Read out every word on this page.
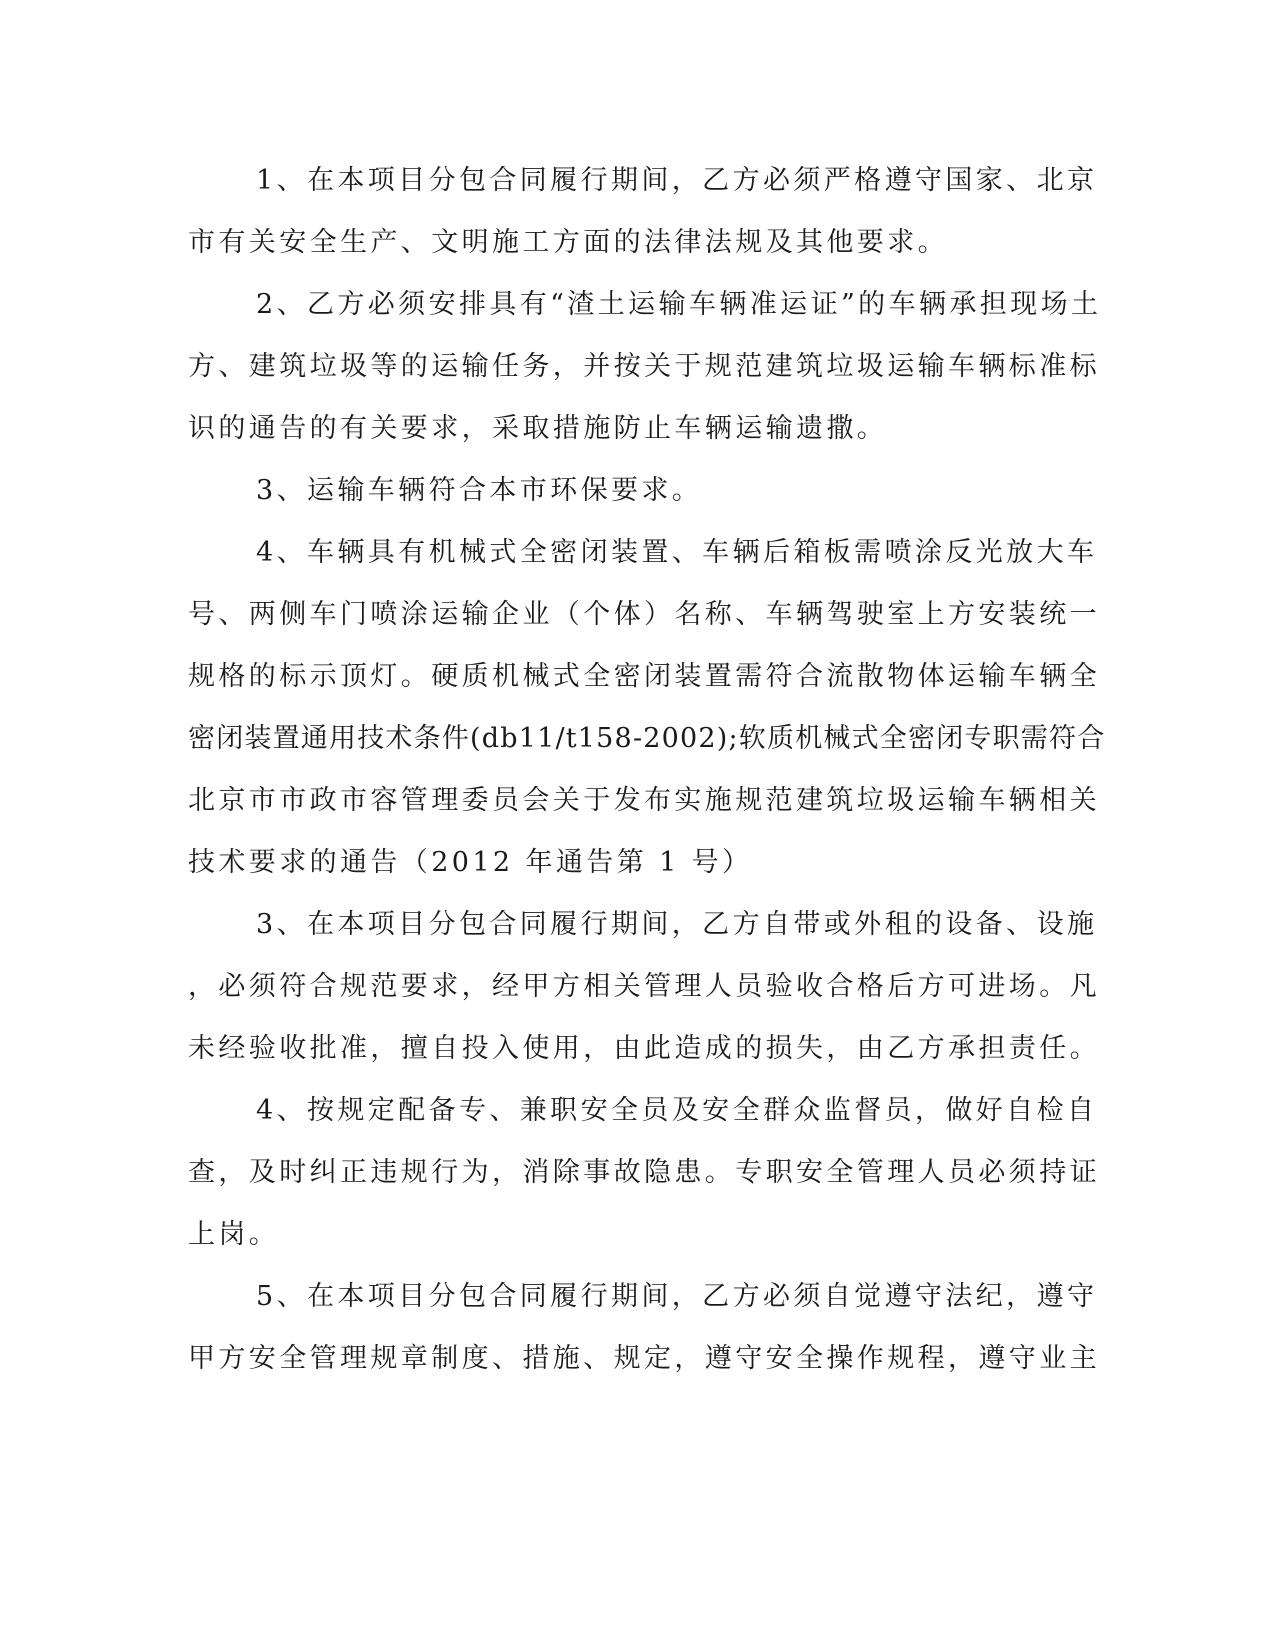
1、在本项目分包合同履行期间，乙方必须严格遵守国家、北京
市有关安全生产、文明施工方面的法律法规及其他要求。

2、乙方必须安排具有“渣土运输车辆准运证”的车辆承担现场土
方、建筑垃圾等的运输任务，并按关于规范建筑垃圾运输车辆标准标
识的通告的有关要求，采取措施防止车辆运输遗撒。

3、运输车辆符合本市环保要求。

4、车辆具有机械式全密闭装置、车辆后箱板需喷涂反光放大车
号、两侧车门喷涂运输企业（个体）名称、车辆驾驶室上方安装统一
规格的标示顶灯。硬质机械式全密闭装置需符合流散物体运输车辆全
密闭装置通用技术条件(db11/t158-2002);软质机械式全密闭专职需符合
北京市市政市容管理委员会关于发布实施规范建筑垃圾运输车辆相关
技术要求的通告（2012 年通告第 1 号）

3、在本项目分包合同履行期间，乙方自带或外租的设备、设施
，必须符合规范要求，经甲方相关管理人员验收合格后方可进场。凡
未经验收批准，擅自投入使用，由此造成的损失，由乙方承担责任。

4、按规定配备专、兼职安全员及安全群众监督员，做好自检自
查，及时纠正违规行为，消除事故隐患。专职安全管理人员必须持证
上岗。

5、在本项目分包合同履行期间，乙方必须自觉遵守法纪，遵守
甲方安全管理规章制度、措施、规定，遵守安全操作规程，遵守业主
